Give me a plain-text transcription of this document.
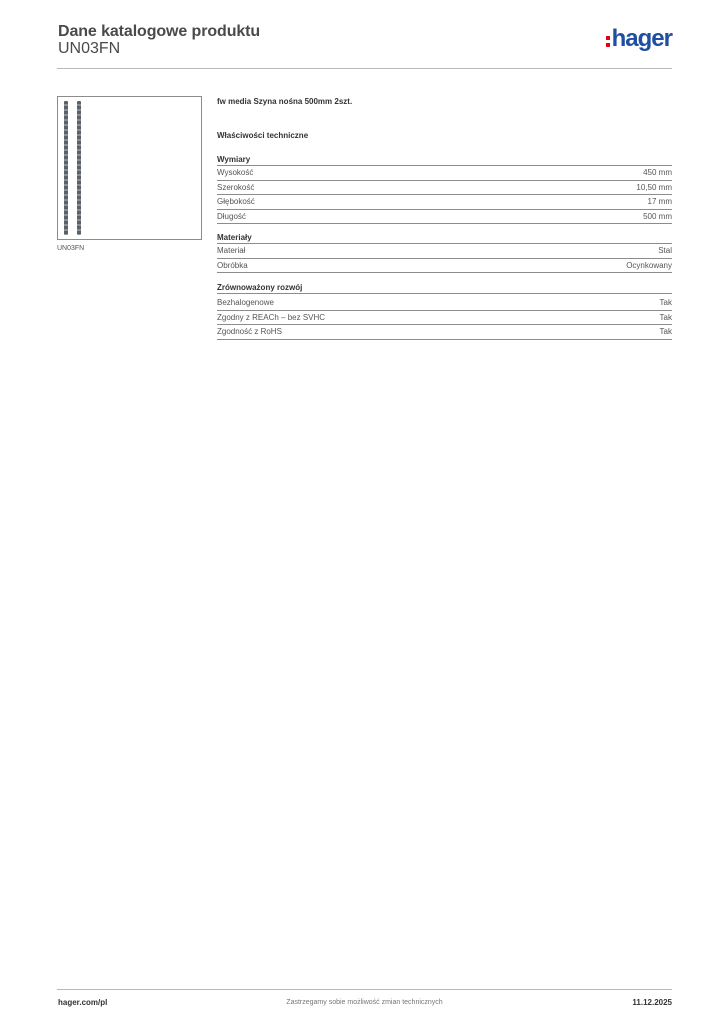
Dane katalogowe produktu
UN03FN	hager
UN03FN
fw media Szyna nośna 500mm 2szt.
Właściwości techniczne
Wymiary
Wysokość	450 mm
Szerokość	10,50 mm
Głębokość	17 mm
Długość	500 mm
Materiały
Materiał	Stal
Obróbka	Ocynkowany
Zrównoważony rozwój
Bezhalogenowe	Tak
Zgodny z REACh – bez SVHC	Tak
Zgodność z RoHS	Tak
hager.com/pl	Zastrzegamy sobie możliwość zmian technicznych	11.12.2025
